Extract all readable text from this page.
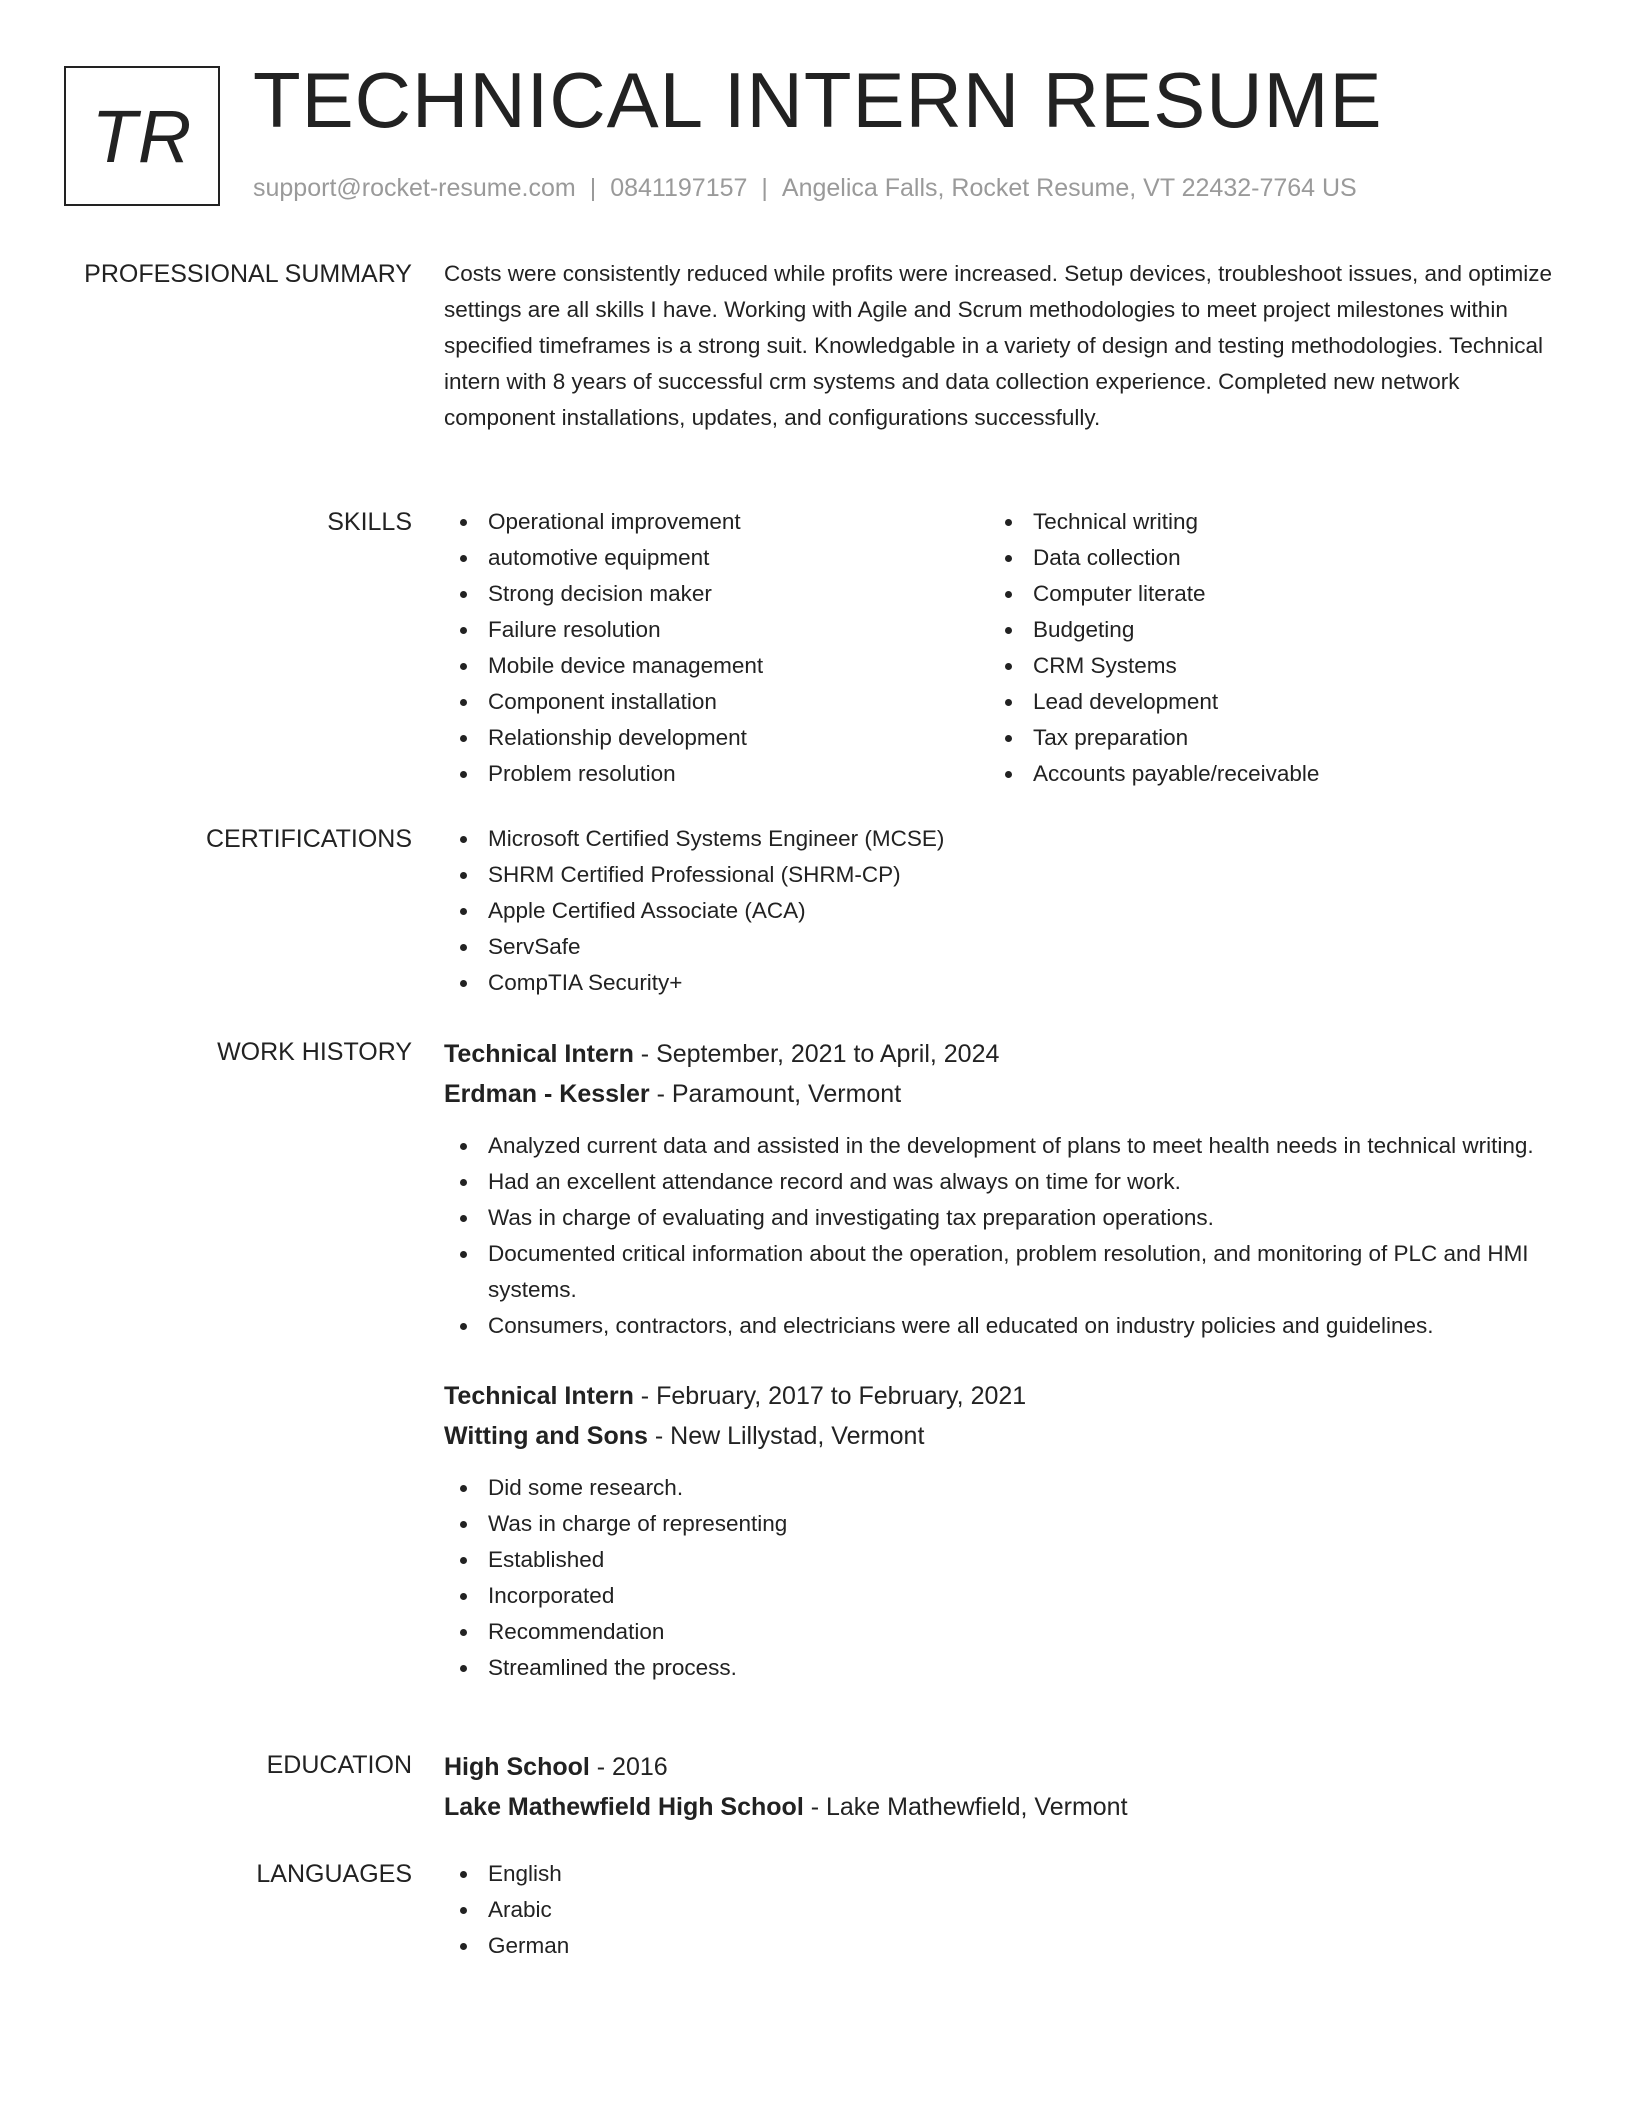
TR TECHNICAL INTERN RESUME
support@rocket-resume.com | 0841197157 | Angelica Falls, Rocket Resume, VT 22432-7764 US
PROFESSIONAL SUMMARY Costs were consistently reduced while profits were increased. Setup devices, troubleshoot issues, and optimize settings are all skills I have. Working with Agile and Scrum methodologies to meet project milestones within specified timeframes is a strong suit. Knowledgable in a variety of design and testing methodologies. Technical intern with 8 years of successful crm systems and data collection experience. Completed new network component installations, updates, and configurations successfully.

SKILLS	Operational improvement
automotive equipment
Strong decision maker
Failure resolution
Mobile device management
Component installation
Relationship development
Problem resolution
Technical writing
Data collection
Computer literate
Budgeting
CRM Systems
Lead development
Tax preparation
Accounts payable/receivable
CERTIFICATIONS	Microsoft Certified Systems Engineer (MCSE)
SHRM Certified Professional (SHRM-CP)
Apple Certified Associate (ACA)
ServSafe
CompTIA Security+
WORK HISTORY Technical Intern - September, 2021 to April, 2024
Erdman - Kessler - Paramount, Vermont
Analyzed current data and assisted in the development of plans to meet health needs in technical writing.
Had an excellent attendance record and was always on time for work.
Was in charge of evaluating and investigating tax preparation operations.
Documented critical information about the operation, problem resolution, and monitoring of PLC and HMI systems.
Consumers, contractors, and electricians were all educated on industry policies and guidelines.
Technical Intern - February, 2017 to February, 2021
Witting and Sons - New Lillystad, Vermont
Did some research.
Was in charge of representing
Established
Incorporated
Recommendation
Streamlined the process.
EDUCATION High School - 2016
Lake Mathewfield High School - Lake Mathewfield, Vermont
LANGUAGES	English
Arabic
German
